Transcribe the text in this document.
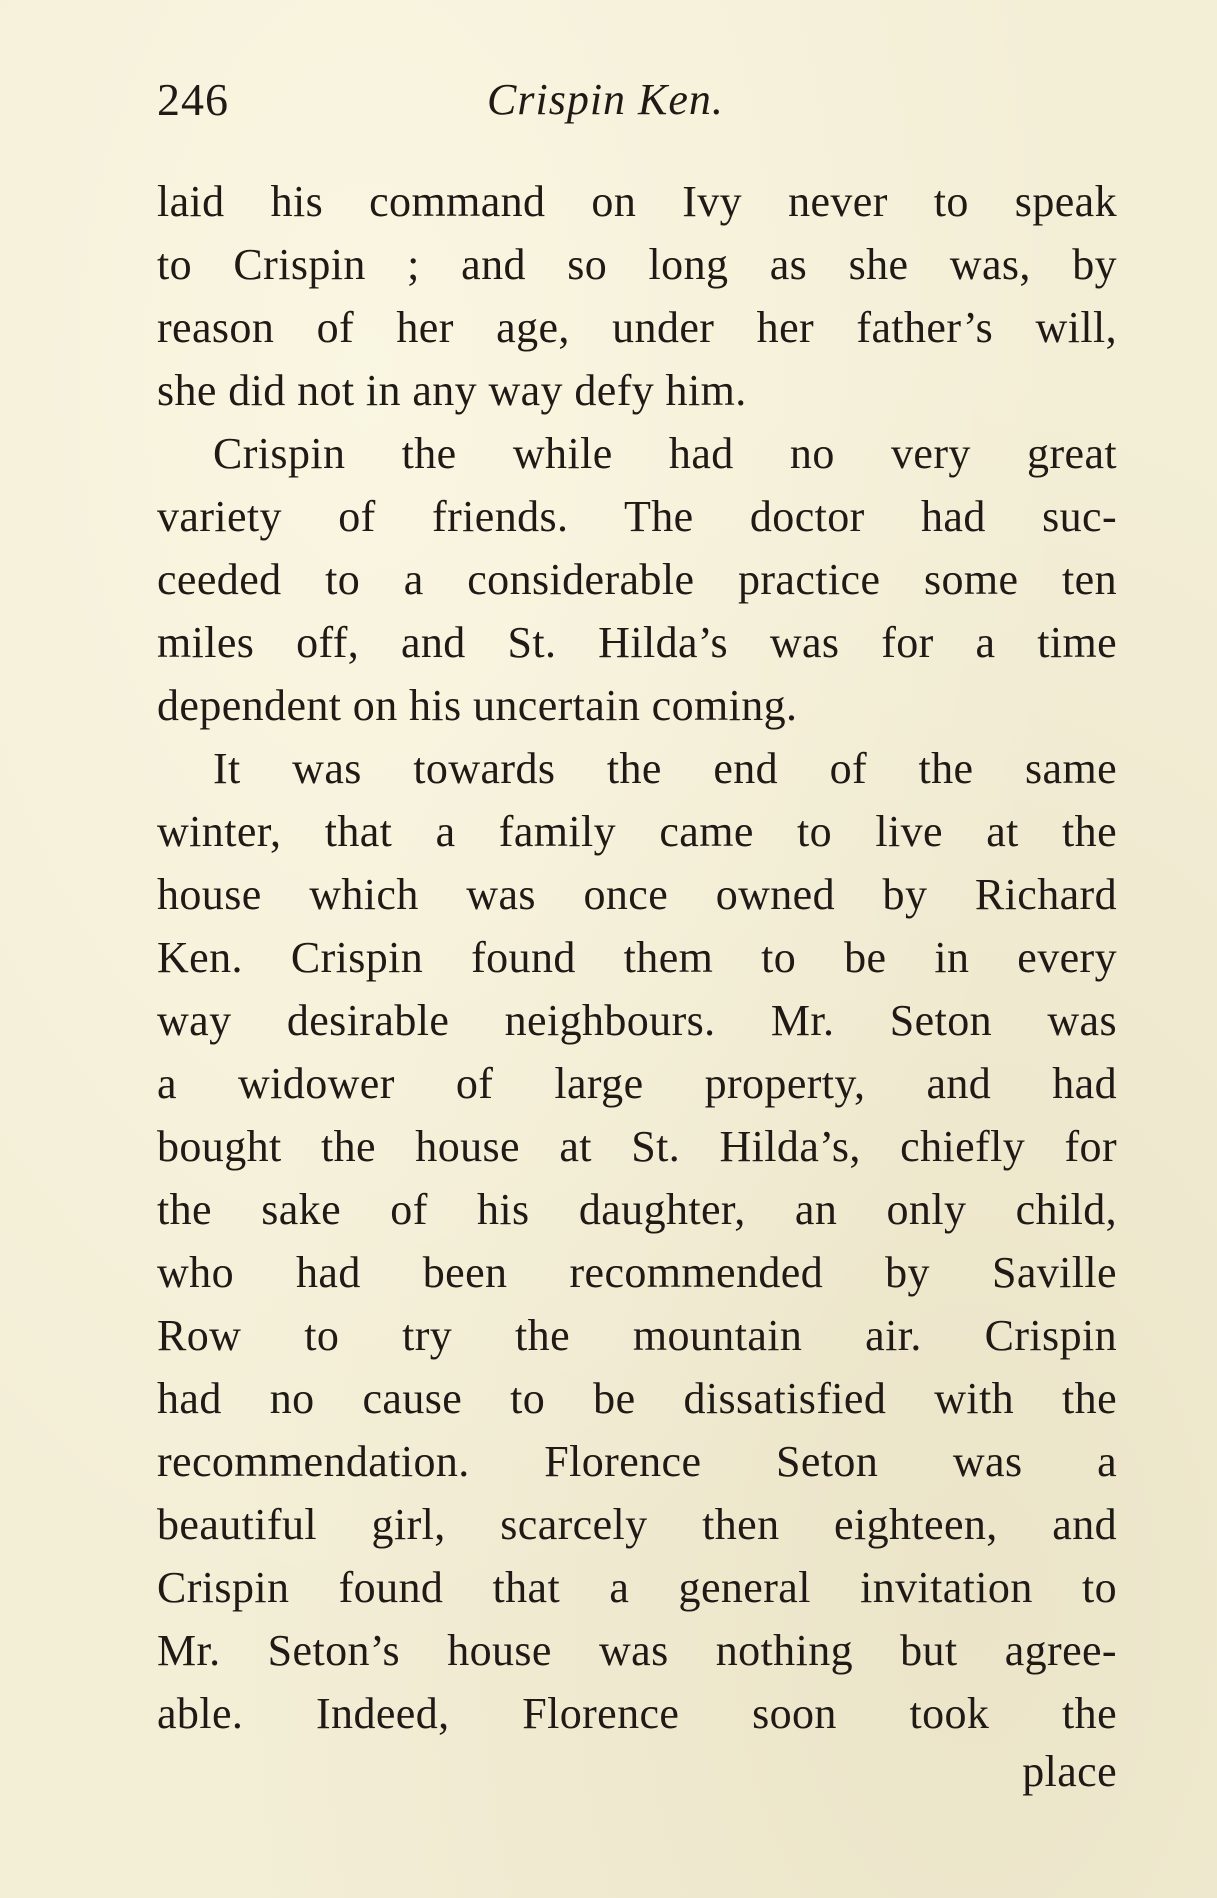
246	Crispin Ken.
laid his command on Ivy never to speak
to Crispin ; and so long as she was, by
reason of her age, under her father’s will,
she did not in any way defy him.
Crispin the while had no very great
variety of friends. The doctor had suc-
ceeded to a considerable practice some ten
miles off, and St. Hilda’s was for a time
dependent on his uncertain coming.
It was towards the end of the same
winter, that a family came to live at the
house which was once owned by Richard
Ken. Crispin found them to be in every
way desirable neighbours. Mr. Seton was
a widower of large property, and had
bought the house at St. Hilda’s, chiefly for
the sake of his daughter, an only child,
who had been recommended by Saville
Row to try the mountain air. Crispin
had no cause to be dissatisfied with the
recommendation. Florence Seton was a
beautiful girl, scarcely then eighteen, and
Crispin found that a general invitation to
Mr. Seton’s house was nothing but agree-
able. Indeed, Florence soon took the
place
